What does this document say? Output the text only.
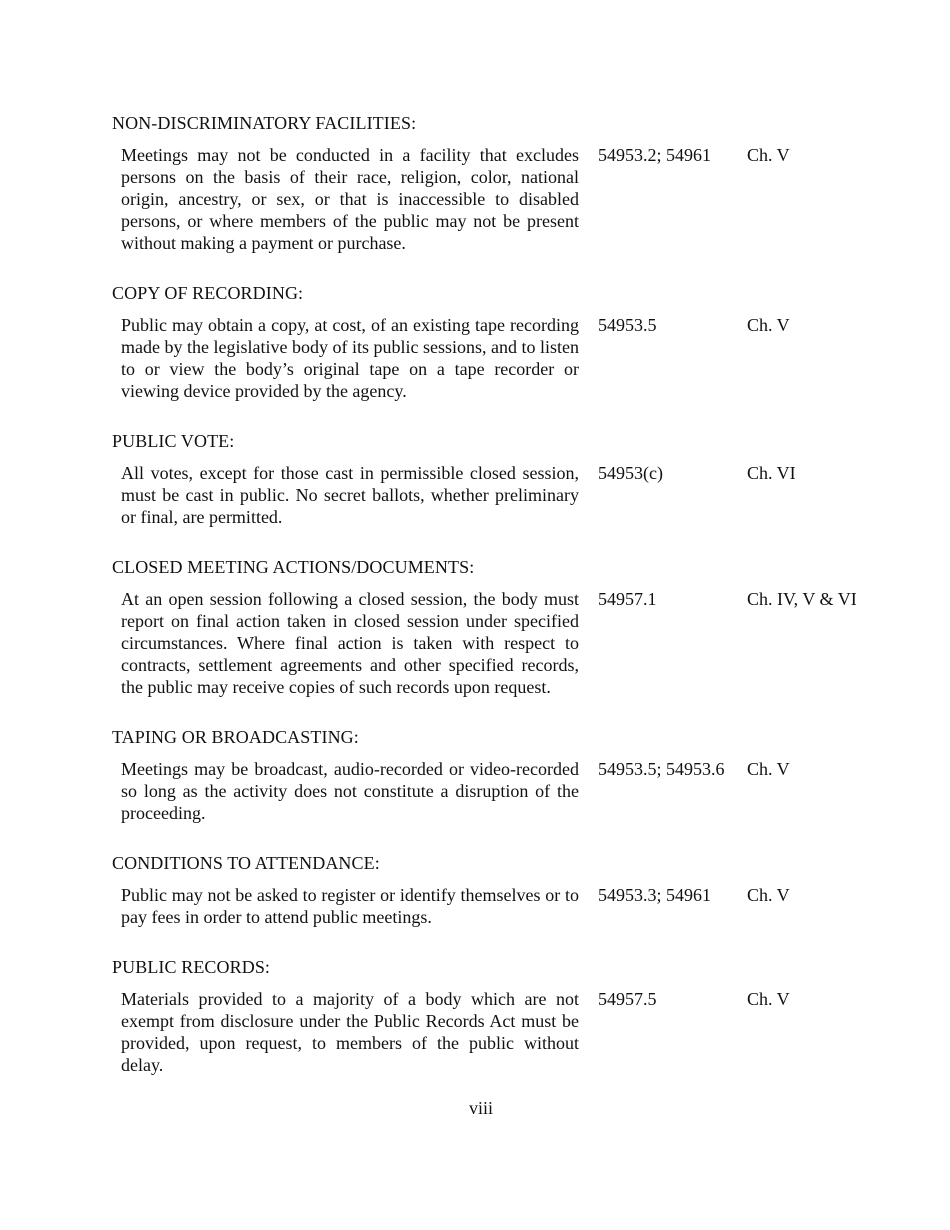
NON-DISCRIMINATORY FACILITIES:
Meetings may not be conducted in a facility that excludes persons on the basis of their race, religion, color, national origin, ancestry, or sex, or that is inaccessible to disabled persons, or where members of the public may not be present without making a payment or purchase.
54953.2; 54961	Ch. V
COPY OF RECORDING:
Public may obtain a copy, at cost, of an existing tape recording made by the legislative body of its public sessions, and to listen to or view the body’s original tape on a tape recorder or viewing device provided by the agency.
54953.5	Ch. V
PUBLIC VOTE:
All votes, except for those cast in permissible closed session, must be cast in public. No secret ballots, whether preliminary or final, are permitted.
54953(c)	Ch. VI
CLOSED MEETING ACTIONS/DOCUMENTS:
At an open session following a closed session, the body must report on final action taken in closed session under specified circumstances. Where final action is taken with respect to contracts, settlement agreements and other specified records, the public may receive copies of such records upon request.
54957.1	Ch. IV, V & VI
TAPING OR BROADCASTING:
Meetings may be broadcast, audio-recorded or video-recorded so long as the activity does not constitute a disruption of the proceeding.
54953.5; 54953.6 Ch. V
CONDITIONS TO ATTENDANCE:
Public may not be asked to register or identify themselves or to pay fees in order to attend public meetings.
54953.3; 54961	Ch. V
PUBLIC RECORDS:
Materials provided to a majority of a body which are not exempt from disclosure under the Public Records Act must be provided, upon request, to members of the public without delay.
54957.5	Ch. V
viii
